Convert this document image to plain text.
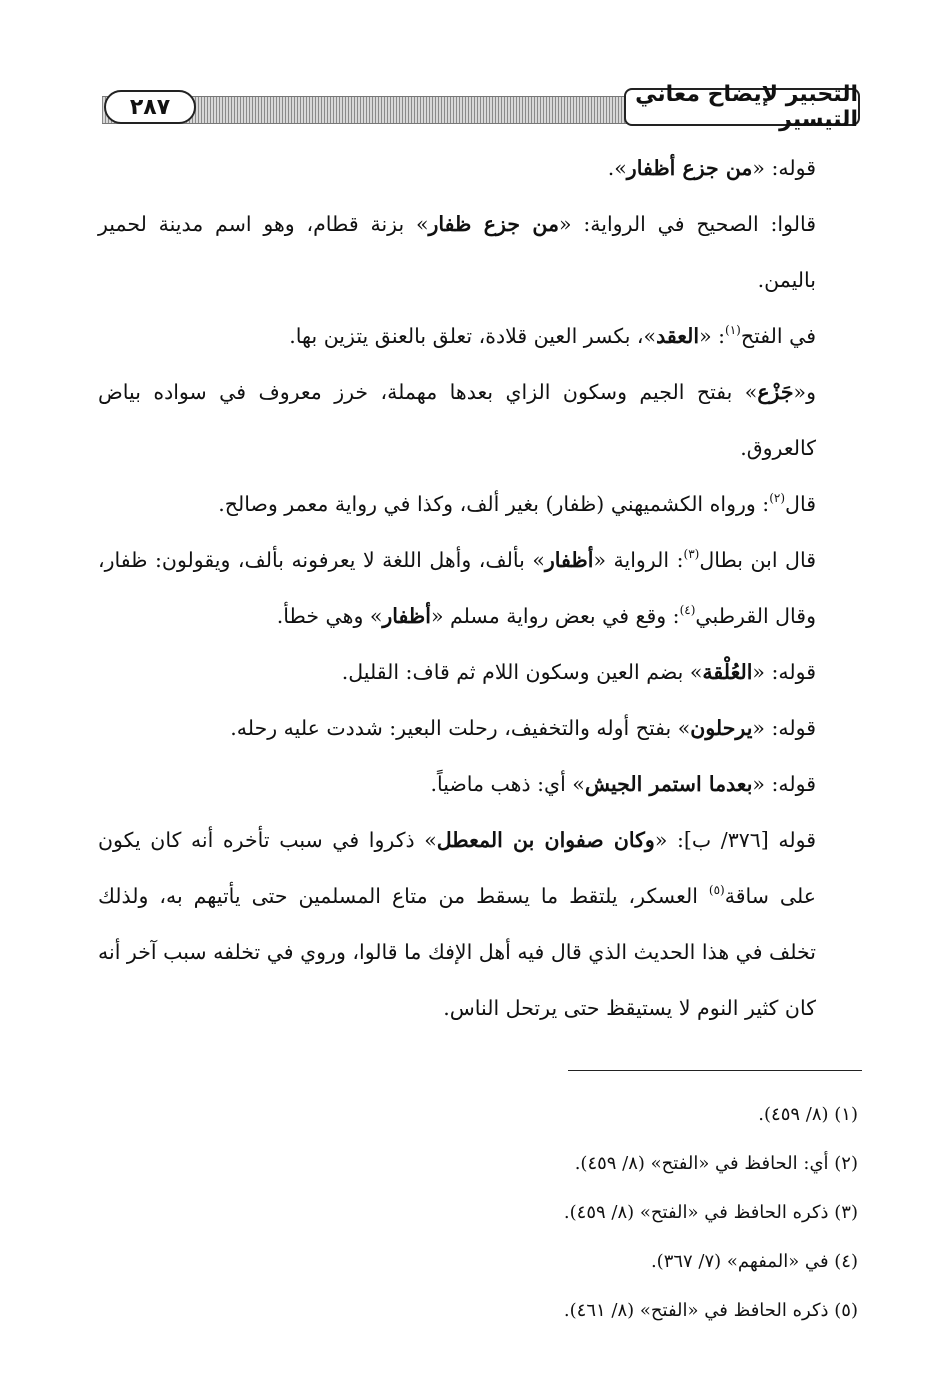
التحبير لإيضاح معاني التيسير
٢٨٧

قوله: «من جزع أظفار».

قالوا: الصحيح في الرواية: «من جزع ظفار» بزنة قطام، وهو اسم مدينة لحمير باليمن.

في الفتح$^{(١)}$: «العقد»، بكسر العين قلادة، تعلق بالعنق يتزين بها.

و«جَزْع» بفتح الجيم وسكون الزاي بعدها مهملة، خرز معروف في سواده بياض كالعروق.

قال$^{(٢)}$: ورواه الكشميهني (ظفار) بغير ألف، وكذا في رواية معمر وصالح.

قال ابن بطال$^{(٣)}$: الرواية «أظفار» بألف، وأهل اللغة لا يعرفونه بألف، ويقولون: ظفار، وقال القرطبي$^{(٤)}$: وقع في بعض رواية مسلم «أظفار» وهي خطأ.

قوله: «العُلْقة» بضم العين وسكون اللام ثم قاف: القليل.

قوله: «يرحلون» بفتح أوله والتخفيف، رحلت البعير: شددت عليه رحله.

قوله: «بعدما استمر الجيش» أي: ذهب ماضياً.

قوله [٣٧٦/ ب]: «وكان صفوان بن المعطل» ذكروا في سبب تأخره أنه كان يكون على ساقة$^{(٥)}$ العسكر، يلتقط ما يسقط من متاع المسلمين حتى يأتيهم به، ولذلك تخلف في هذا الحديث الذي قال فيه أهل الإفك ما قالوا، وروي في تخلفه سبب آخر أنه كان كثير النوم لا يستيقظ حتى يرتحل الناس.

(١) (٨/ ٤٥٩).

(٢) أي: الحافظ في «الفتح» (٨/ ٤٥٩).

(٣) ذكره الحافظ في «الفتح» (٨/ ٤٥٩).

(٤) في «المفهم» (٧/ ٣٦٧).

(٥) ذكره الحافظ في «الفتح» (٨/ ٤٦١).
